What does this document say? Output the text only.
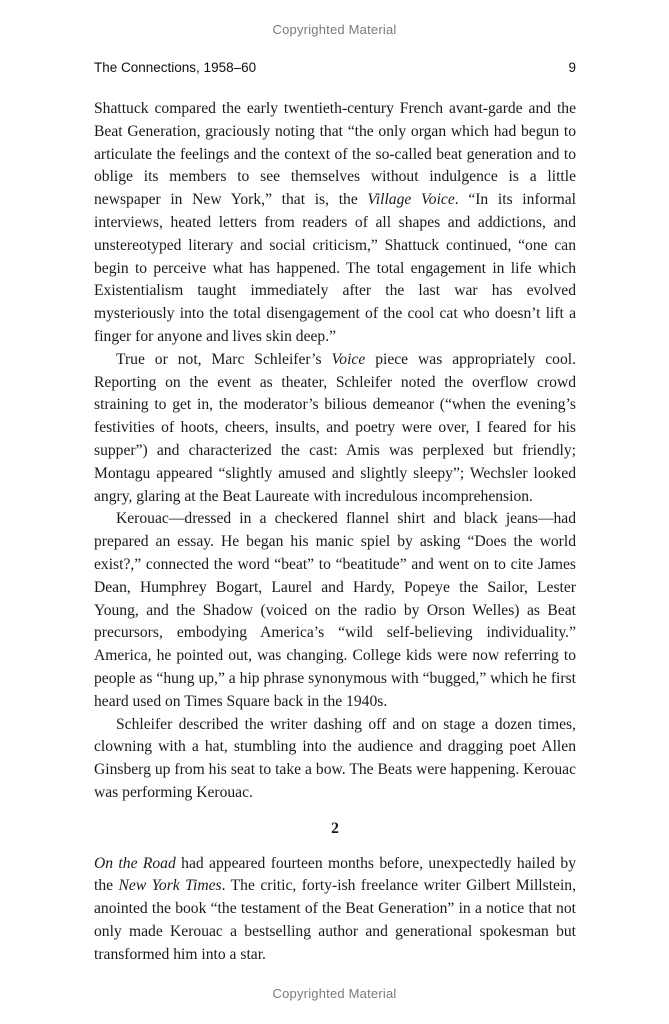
Copyrighted Material
The Connections, 1958–60	9

Shattuck compared the early twentieth-century French avant-garde and the Beat Generation, graciously noting that “the only organ which had begun to articulate the feelings and the context of the so-called beat generation and to oblige its members to see themselves without indulgence is a little newspaper in New York,” that is, the Village Voice. “In its informal interviews, heated letters from readers of all shapes and addictions, and unstereotyped literary and social criticism,” Shattuck continued, “one can begin to perceive what has happened. The total engagement in life which Existentialism taught immediately after the last war has evolved mysteriously into the total disengagement of the cool cat who doesn’t lift a finger for anyone and lives skin deep.”

True or not, Marc Schleifer’s Voice piece was appropriately cool. Reporting on the event as theater, Schleifer noted the overflow crowd straining to get in, the moderator’s bilious demeanor (“when the evening’s festivities of hoots, cheers, insults, and poetry were over, I feared for his supper”) and characterized the cast: Amis was perplexed but friendly; Montagu appeared “slightly amused and slightly sleepy”; Wechsler looked angry, glaring at the Beat Laureate with incredulous incomprehension.

Kerouac—dressed in a checkered flannel shirt and black jeans—had prepared an essay. He began his manic spiel by asking “Does the world exist?,” connected the word “beat” to “beatitude” and went on to cite James Dean, Humphrey Bogart, Laurel and Hardy, Popeye the Sailor, Lester Young, and the Shadow (voiced on the radio by Orson Welles) as Beat precursors, embodying America’s “wild self-believing individuality.” America, he pointed out, was changing. College kids were now referring to people as “hung up,” a hip phrase synonymous with “bugged,” which he first heard used on Times Square back in the 1940s.

Schleifer described the writer dashing off and on stage a dozen times, clowning with a hat, stumbling into the audience and dragging poet Allen Ginsberg up from his seat to take a bow. The Beats were happening. Kerouac was performing Kerouac.

2

On the Road had appeared fourteen months before, unexpectedly hailed by the New York Times. The critic, forty-ish freelance writer Gilbert Millstein, anointed the book “the testament of the Beat Generation” in a notice that not only made Kerouac a bestselling author and generational spokesman but transformed him into a star.

Copyrighted Material
